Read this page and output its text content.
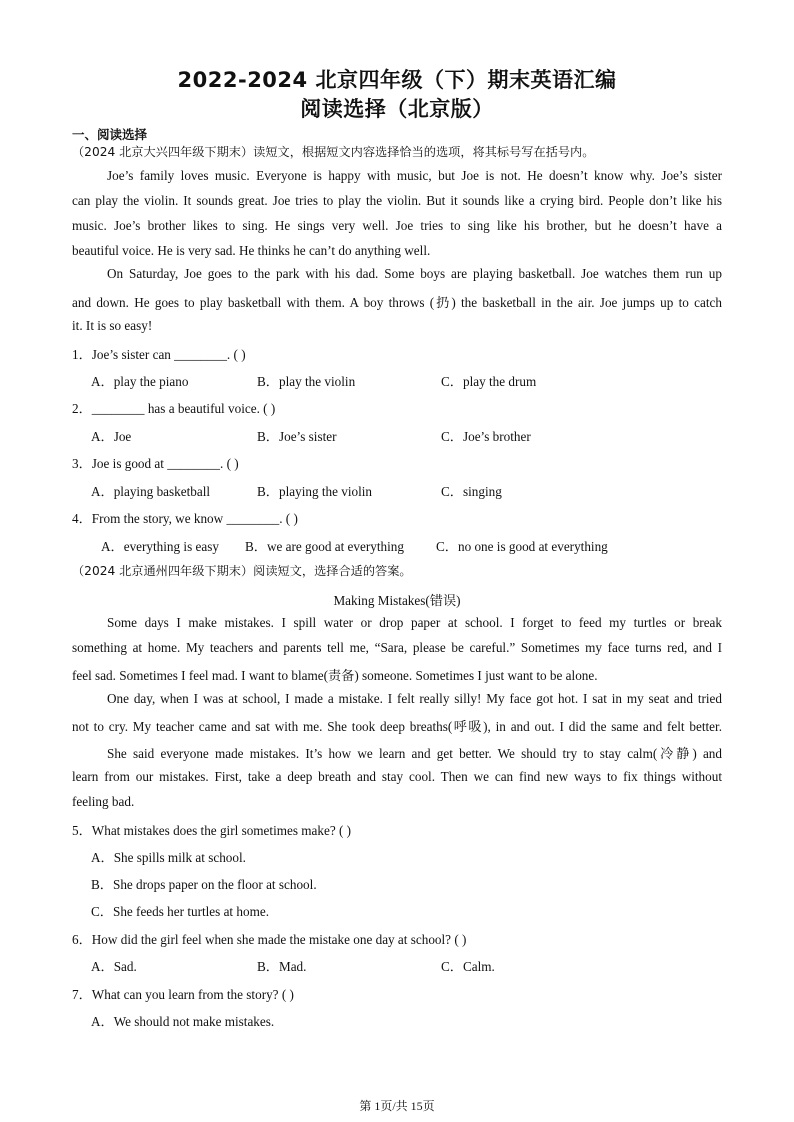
2022-2024 北京四年级（下）期末英语汇编
阅读选择（北京版）
一、阅读选择
（2024 北京大兴四年级下期末）读短文，根据短文内容选择恰当的选项，将其标号写在括号内。
Joe’s family loves music. Everyone is happy with music, but Joe is not. He doesn’t know why. Joe’s sister
can play the violin. It sounds great. Joe tries to play the violin. But it sounds like a crying bird. People don’t like his
music. Joe’s brother likes to sing. He sings very well. Joe tries to sing like his brother, but he doesn’t have a
beautiful voice. He is very sad. He thinks he can’t do anything well.
On Saturday, Joe goes to the park with his dad. Some boys are playing basketball. Joe watches them run up
and down. He goes to play basketball with them. A boy throws (扔) the basketball in the air. Joe jumps up to catch
it. It is so easy!
1．Joe’s sister can ________. ( )
A．play the piano	B．play the violin	C．play the drum
2．________ has a beautiful voice. ( )
A．Joe	B．Joe’s sister	C．Joe’s brother
3．Joe is good at ________. ( )
A．playing basketball	B．playing the violin	C．singing
4．From the story, we know ________. ( )
A．everything is easy B．we are good at everything C．no one is good at everything
（2024 北京通州四年级下期末）阅读短文，选择合适的答案。
Making Mistakes(错误)
Some days I make mistakes. I spill water or drop paper at school. I forget to feed my turtles or break
something at home. My teachers and parents tell me, “Sara, please be careful.” Sometimes my face turns red, and I
feel sad. Sometimes I feel mad. I want to blame(责备) someone. Sometimes I just want to be alone.
One day, when I was at school, I made a mistake. I felt really silly! My face got hot. I sat in my seat and tried
not to cry. My teacher came and sat with me. She took deep breaths(呼吸), in and out. I did the same and felt better.
She said everyone made mistakes. It’s how we learn and get better. We should try to stay calm(冷静) and
learn from our mistakes. First, take a deep breath and stay cool. Then we can find new ways to fix things without
feeling bad.
5．What mistakes does the girl sometimes make? ( )
A．She spills milk at school.
B．She drops paper on the floor at school.
C．She feeds her turtles at home.
6．How did the girl feel when she made the mistake one day at school? ( )
A．Sad.	B．Mad.	C．Calm.
7．What can you learn from the story? ( )
A．We should not make mistakes.
第 1页/共 15页
